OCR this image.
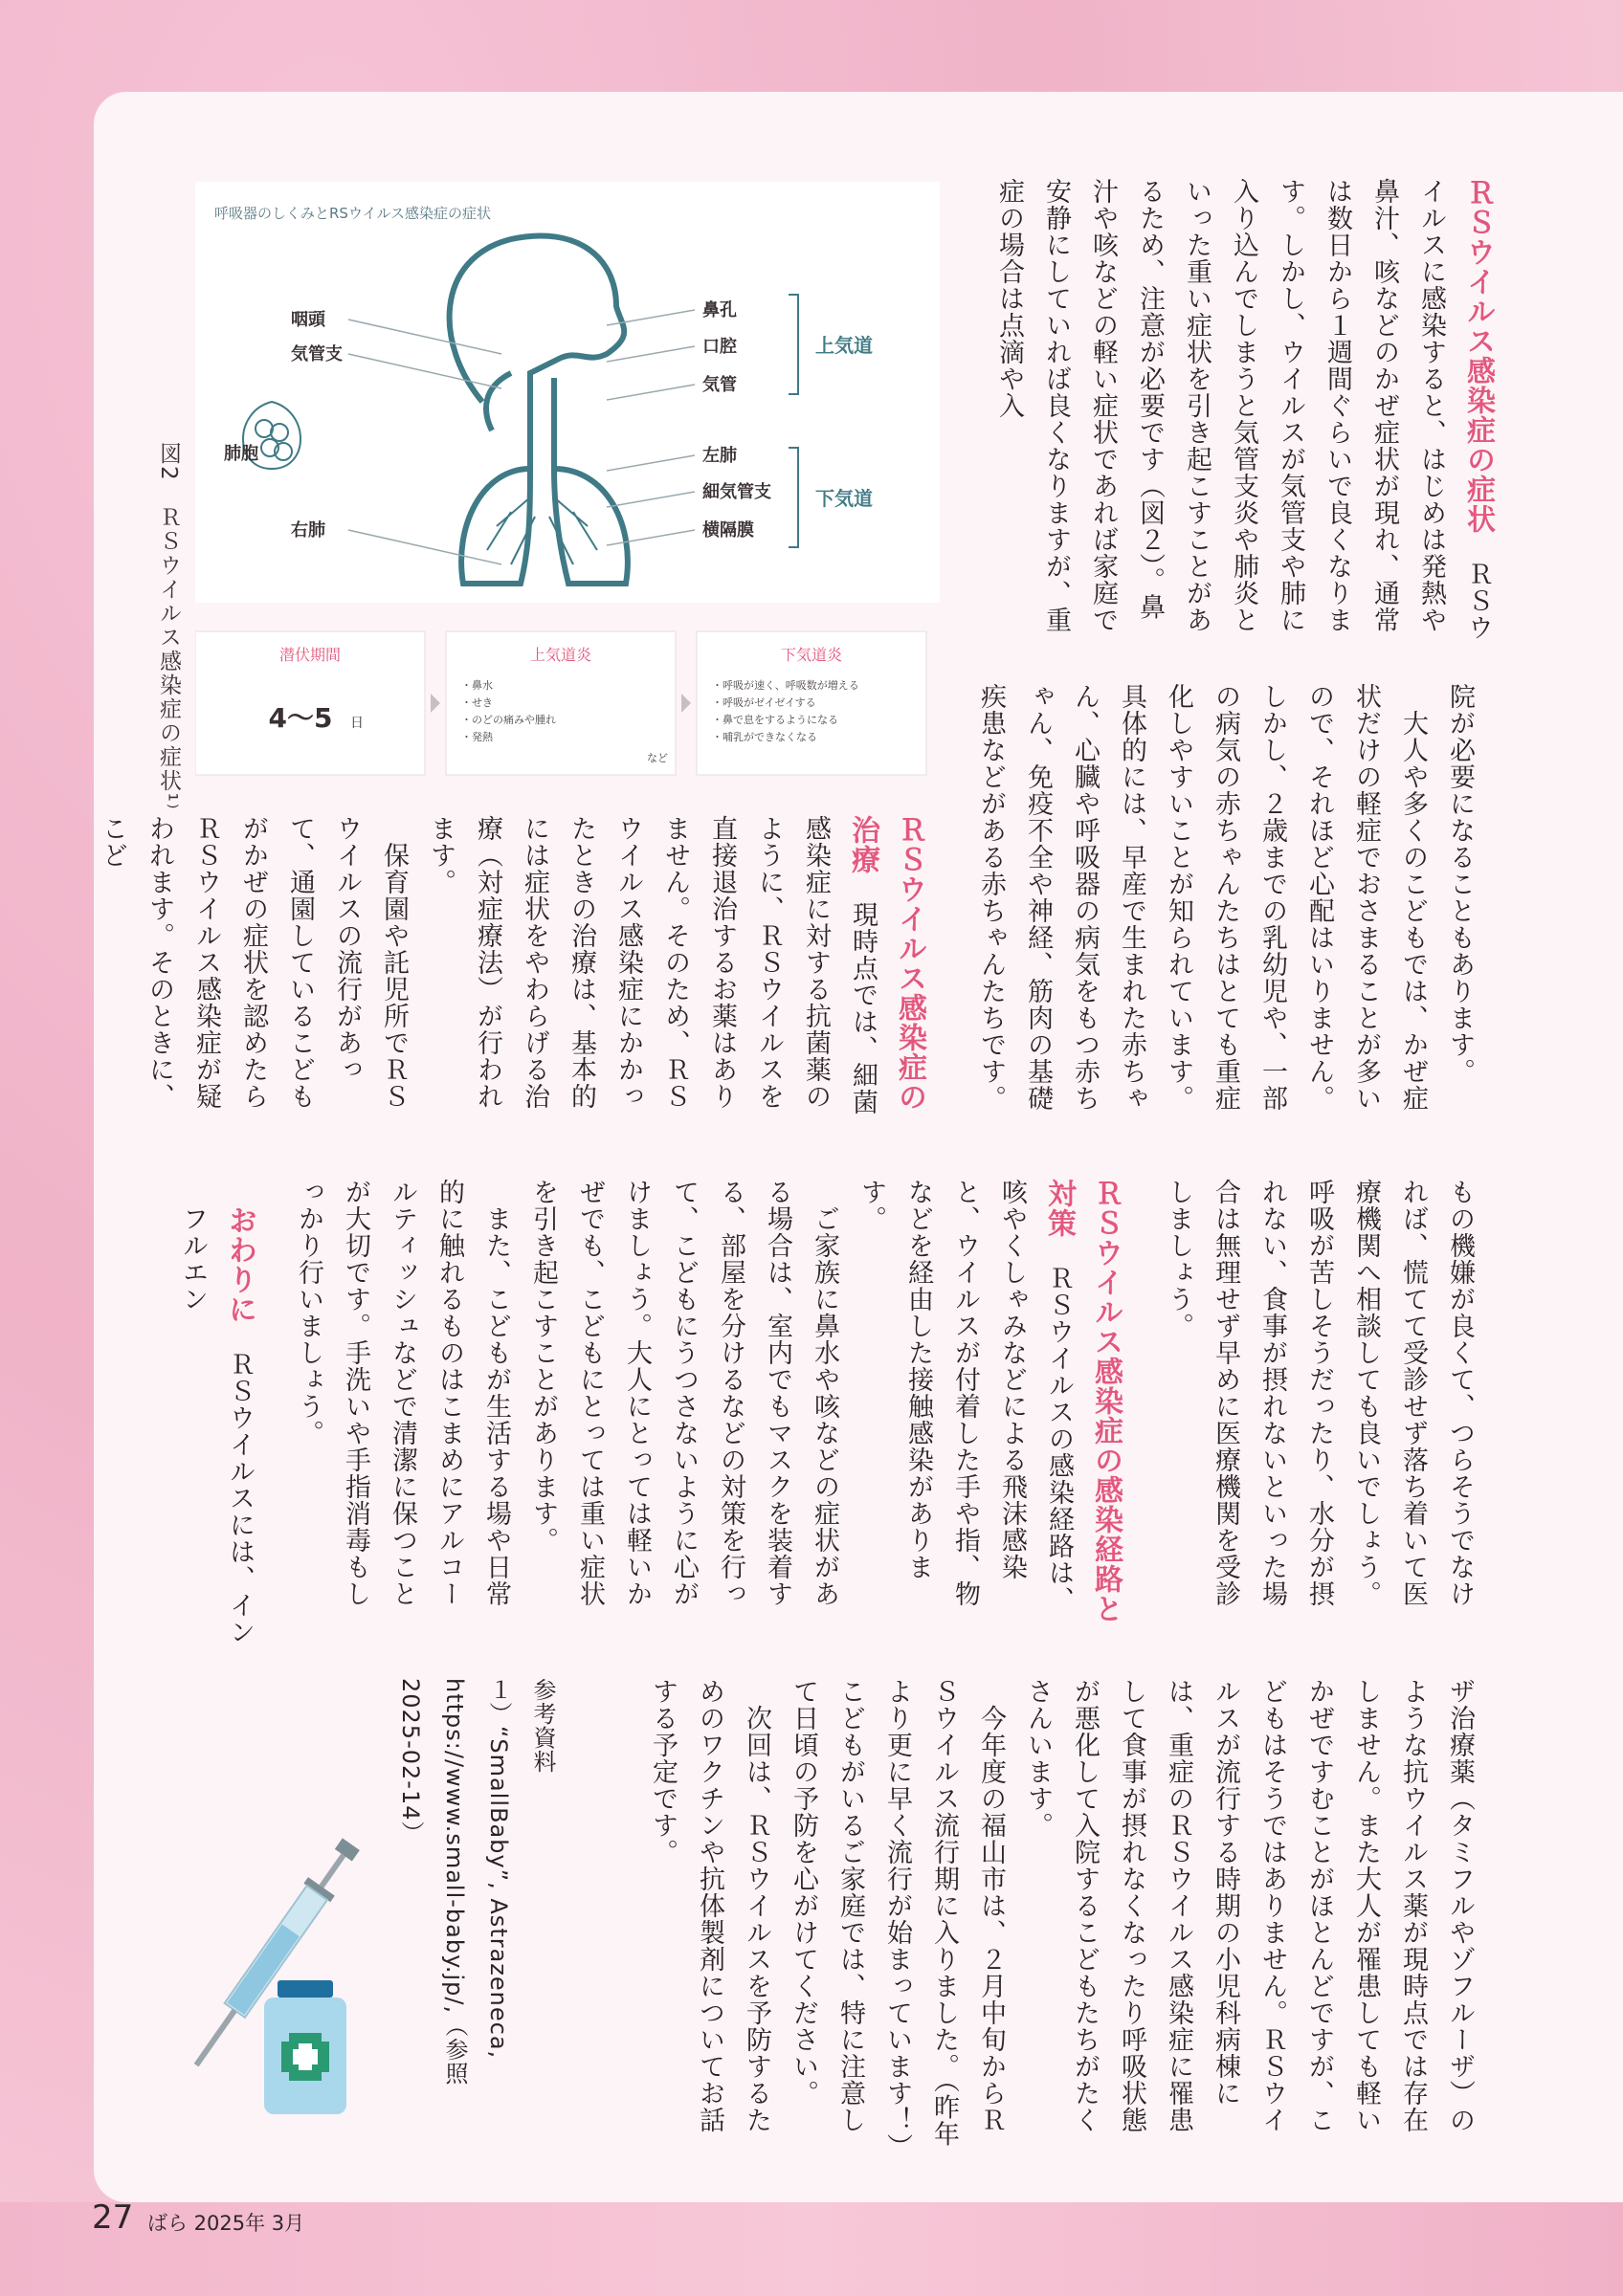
ＲＳウイルス感染症の症状　ＲＳウイルスに感染すると、はじめは発熱や鼻汁、咳などのかぜ症状が現れ、通常は数日から１週間ぐらいで良くなります。しかし、ウイルスが気管支や肺に入り込んでしまうと気管支炎や肺炎といった重い症状を引き起こすことがあるため、注意が必要です（図２）。鼻汁や咳などの軽い症状であれば家庭で安静にしていれば良くなりますが、重症の場合は点滴や入

院が必要になることもあります。
　大人や多くのこどもでは、かぜ症状だけの軽症でおさまることが多いので、それほど心配はいりません。しかし、２歳までの乳幼児や、一部の病気の赤ちゃんたちはとても重症化しやすいことが知られています。具体的には、早産で生まれた赤ちゃん、心臓や呼吸器の病気をもつ赤ちゃん、免疫不全や神経、筋肉の基礎疾患などがある赤ちゃんたちです。

ＲＳウイルス感染症の治療　現時点では、細菌感染症に対する抗菌薬のように、ＲＳウイルスを直接退治するお薬はありません。そのため、ＲＳウイルス感染症にかかったときの治療は、基本的には症状をやわらげる治療（対症療法）が行われます。
　保育園や託児所でＲＳウイルスの流行があって、通園しているこどもがかぜの症状を認めたらＲＳウイルス感染症が疑われます。そのときに、こど

もの機嫌が良くて、つらそうでなければ、慌てて受診せず落ち着いて医療機関へ相談しても良いでしょう。呼吸が苦しそうだったり、水分が摂れない、食事が摂れないといった場合は無理せず早めに医療機関を受診しましょう。

ＲＳウイルス感染症の感染経路と対策　ＲＳウイルスの感染経路は、咳やくしゃみなどによる飛沫感染と、ウイルスが付着した手や指、物などを経由した接触感染があります。
　ご家族に鼻水や咳などの症状がある場合は、室内でもマスクを装着する、部屋を分けるなどの対策を行って、こどもにうつさないように心がけましょう。大人にとっては軽いかぜでも、こどもにとっては重い症状を引き起こすことがあります。
　また、こどもが生活する場や日常的に触れるものはこまめにアルコールティッシュなどで清潔に保つことが大切です。手洗いや手指消毒もしっかり行いましょう。

おわりに　ＲＳウイルスには、インフルエン

ザ治療薬（タミフルやゾフルーザ）のような抗ウイルス薬が現時点では存在しません。また大人が罹患しても軽いかぜですむことがほとんどですが、こどもはそうではありません。ＲＳウイルスが流行する時期の小児科病棟には、重症のＲＳウイルス感染症に罹患して食事が摂れなくなったり呼吸状態が悪化して入院するこどもたちがたくさんいます。
　今年度の福山市は、２月中旬からＲＳウイルス流行期に入りました。（昨年より更に早く流行が始まっています！）こどもがいるご家庭では、特に注意して日頃の予防を心がけてください。
　次回は、ＲＳウイルスを予防するためのワクチンや抗体製剤についてお話する予定です。

参考資料
１）“SmallBaby”, Astrazeneca, https://www.small-baby.jp/,（参照2025-02-14）

呼吸器のしくみとRSウイルス感染症の症状
咽頭
気管支
肺胞
右肺
鼻孔
口腔
気管
左肺
細気管支
横隔膜
上気道
下気道
潜伏期間
4〜5 日
上気道炎
・鼻水
・せき
・のどの痛みや腫れ
・発熱
など
下気道炎
・呼吸が速く、呼吸数が増える
・呼吸がゼイゼイする
・鼻で息をするようになる
・哺乳ができなくなる
図2　ＲＳウイルス感染症の症状¹⁾
27 ばら 2025年 3月
